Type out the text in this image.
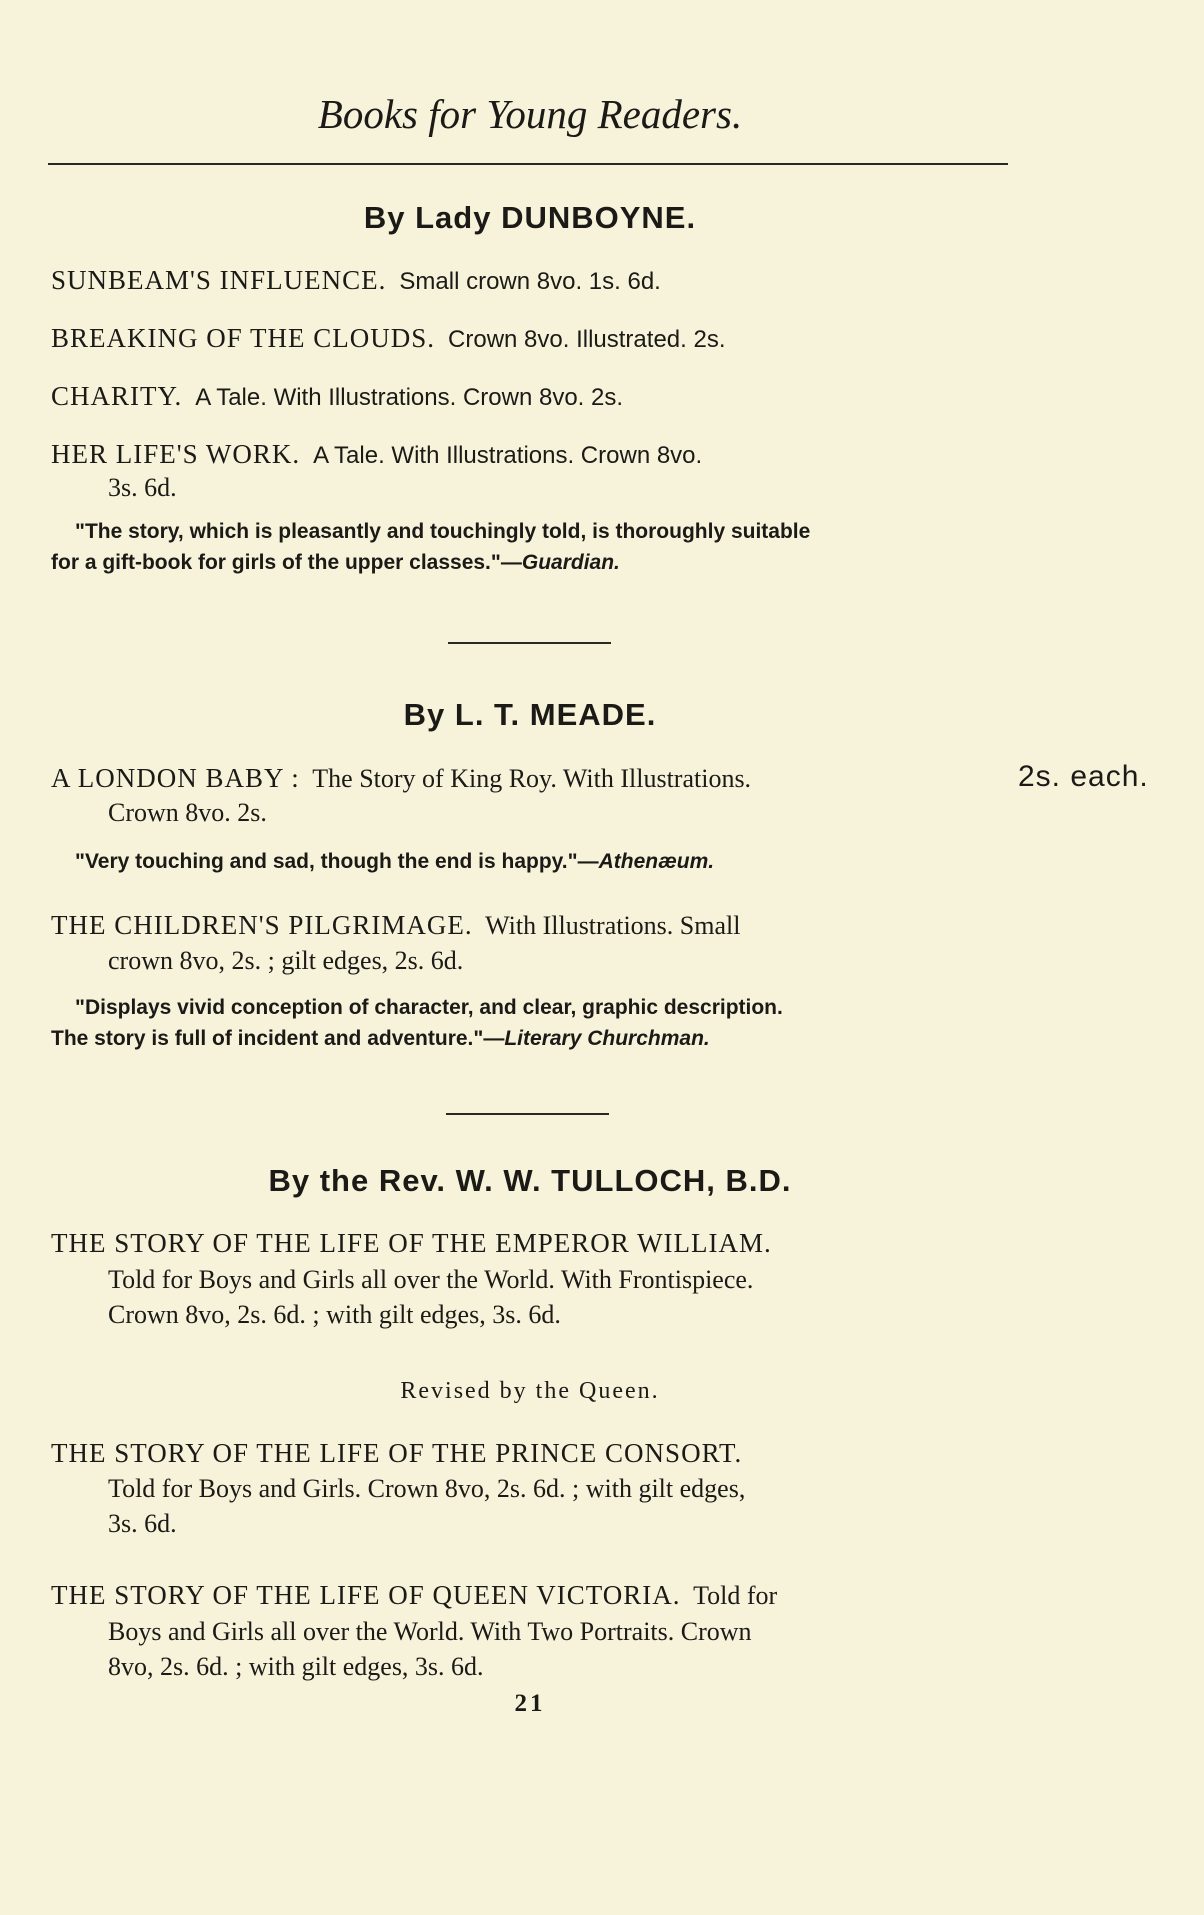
Books for Young Readers.
By Lady DUNBOYNE.
SUNBEAM'S INFLUENCE. Small crown 8vo. 1s. 6d.
BREAKING OF THE CLOUDS. Crown 8vo. Illustrated. 2s.
CHARITY. A Tale. With Illustrations. Crown 8vo. 2s.
HER LIFE'S WORK. A Tale. With Illustrations. Crown 8vo.
3s. 6d.
"The story, which is pleasantly and touchingly told, is thoroughly suitable
for a gift-book for girls of the upper classes."—Guardian.
By L. T. MEADE.
2s. each.
A LONDON BABY : The Story of King Roy. With Illustrations.
Crown 8vo. 2s.
"Very touching and sad, though the end is happy."—Athenæum.
THE CHILDREN'S PILGRIMAGE. With Illustrations. Small
crown 8vo, 2s. ; gilt edges, 2s. 6d.
"Displays vivid conception of character, and clear, graphic description.
The story is full of incident and adventure."—Literary Churchman.
By the Rev. W. W. TULLOCH, B.D.
THE STORY OF THE LIFE OF THE EMPEROR WILLIAM.
Told for Boys and Girls all over the World. With Frontispiece.
Crown 8vo, 2s. 6d. ; with gilt edges, 3s. 6d.
Revised by the Queen.
THE STORY OF THE LIFE OF THE PRINCE CONSORT.
Told for Boys and Girls. Crown 8vo, 2s. 6d. ; with gilt edges,
3s. 6d.
THE STORY OF THE LIFE OF QUEEN VICTORIA. Told for
Boys and Girls all over the World. With Two Portraits. Crown
8vo, 2s. 6d. ; with gilt edges, 3s. 6d.
21
